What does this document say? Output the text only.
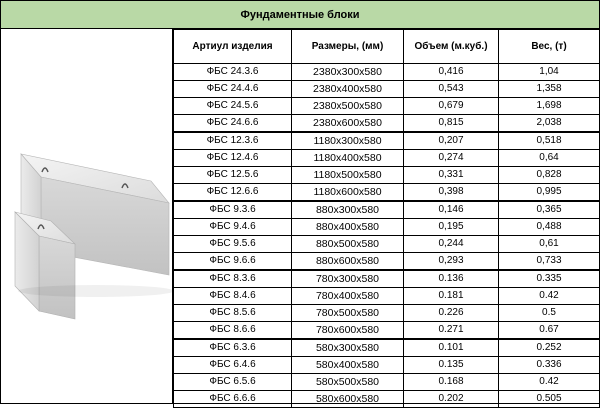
Фундаментные блоки
Артиул изделия	Размеры, (мм)	Объем (м.куб.)	Вес, (т)
ФБС 24.3.6	2380x300x580	0,416	1,04
ФБС 24.4.6	2380x400x580	0,543	1,358
ФБС 24.5.6	2380x500x580	0,679	1,698
ФБС 24.6.6	2380x600x580	0,815	2,038
ФБС 12.3.6	1180x300x580	0,207	0,518
ФБС 12.4.6	1180x400x580	0,274	0,64
ФБС 12.5.6	1180x500x580	0,331	0,828
ФБС 12.6.6	1180x600x580	0,398	0,995
ФБС 9.3.6	880x300x580	0,146	0,365
ФБС 9.4.6	880x400x580	0,195	0,488
ФБС 9.5.6	880x500x580	0,244	0,61
ФБС 9.6.6	880x600x580	0,293	0,733
ФБС 8.3.6	780x300x580	0.136	0.335
ФБС 8.4.6	780x400x580	0.181	0.42
ФБС 8.5.6	780x500x580	0.226	0.5
ФБС 8.6.6	780x600x580	0.271	0.67
ФБС 6.3.6	580x300x580	0.101	0.252
ФБС 6.4.6	580x400x580	0.135	0.336
ФБС 6.5.6	580x500x580	0.168	0.42
ФБС 6.6.6	580x600x580	0.202	0.505
